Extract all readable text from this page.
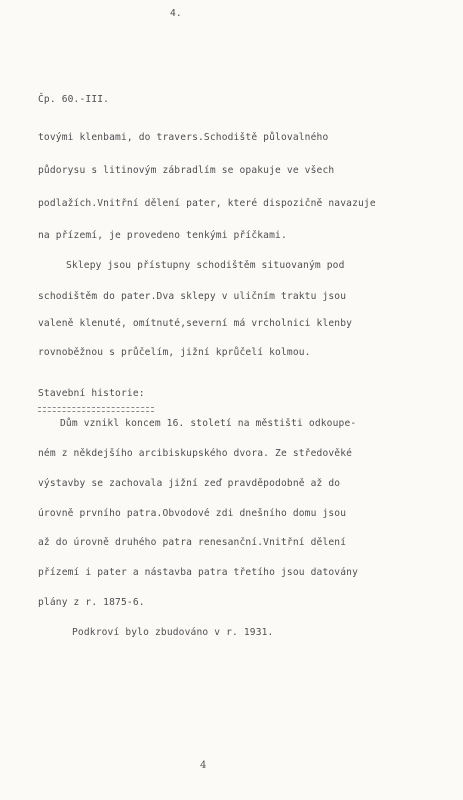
4.
Čp. 60.-III.
tovými klenbami, do travers.Schodiště půlovalného
půdorysu s litinovým zábradlím se opakuje ve všech
podlažích.Vnitřní dělení pater, které dispozičně navazuje
na přízemí, je provedeno tenkými příčkami.
Sklepy jsou přístupny schodištěm situovaným pod
schodištěm do pater.Dva sklepy v uličním traktu jsou
valeně klenuté, omítnuté,severní má vrcholnici klenby
rovnoběžnou s průčelím, jižní kprůčelí kolmou.
Stavební historie:
Dům vznikl koncem 16. století na městišti odkoupe-
ném z někdejšího arcibiskupského dvora. Ze středověké
výstavby se zachovala jižní zeď pravděpodobně až do
úrovně prvního patra.Obvodové zdi dnešního domu jsou
až do úrovně druhého patra renesanční.Vnitřní dělení
přízemí i pater a nástavba patra třetího jsou datovány
plány z r. 1875-6.
Podkroví bylo zbudováno v r. 1931.
4
